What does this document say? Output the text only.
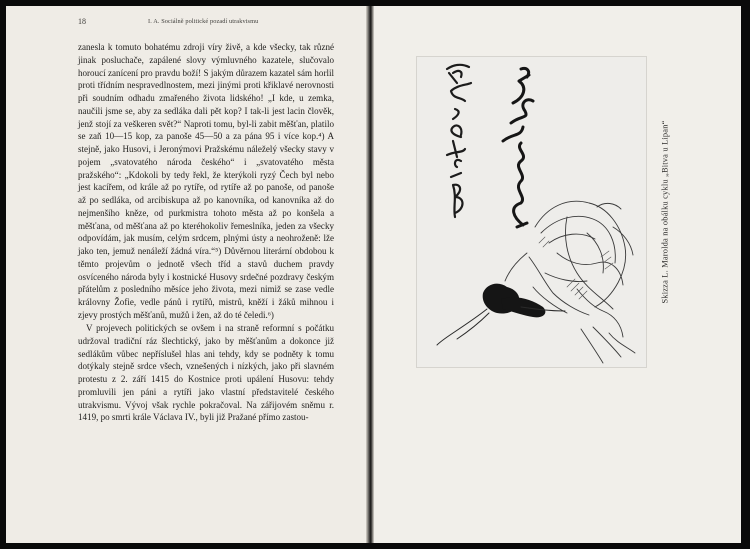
18	I. A. Sociálně politické pozadí utrakvismu

zanesla k tomuto bohatému zdroji víry živě, a kde všecky, tak různé jinak posluchače, zapálené slovy výmluvného kazatele, slučovalo horoucí zanícení pro pravdu boží! S jakým důrazem kazatel sám horlil proti třídním nespravedlnostem, mezi jinými proti křiklavé nerovnosti při soudním odhadu zmařeného života lidského! „I kde, u zemka, naučili jsme se, aby za sedláka dali pět kop? I tak-li jest lacin člověk, jenž stojí za veškeren svět?“ Naproti tomu, byl-li zabit měšťan, platilo se zaň 10—15 kop, za panoše 45—50 a za pána 95 i více kop.⁴) A stejně, jako Husovi, i Jeronýmovi Pražskému náleželý všecky stavy v pojem „svatovatého národa českého“ i „svatovatého města pražského“: „Kdokoli by tedy řekl, že kterýkoli ryzý Čech byl nebo jest kacířem, od krále až po rytíře, od rytíře až po panoše, od panoše až po sedláka, od arcibiskupa až po kanovníka, od kanovníka až do nejmenšího kněze, od purkmistra tohoto města až po konšela a měšťana, od měšťana až po kteréhokoliv řemeslníka, jeden za všecky odpovídám, jak musím, celým srdcem, plnými ústy a neohroženě: lže jako ten, jemuž nenáleží žádná víra.“⁵) Důvěrnou literární obdobou k těmto projevům o jednotě všech tříd a stavů duchem pravdy osvíceného národa byly i kostnické Husovy srdečné pozdravy českým přátelům z posledního měsíce jeho života, mezi nimiž se zase vedle královny Žofie, vedle pánů i rytířů, mistrů, kněží i žáků mihnou i zjevy prostých měšťanů, mužů i žen, až do té čeledi.⁶)

V projevech politických se ovšem i na straně reformní s počátku udržoval tradiční ráz šlechtický, jako by měšťanům a dokonce již sedlákům vůbec nepříslušel hlas ani tehdy, kdy se podněty k tomu dotýkaly stejně srdce všech, vznešených i nízkých, jako při slavném protestu z 2. září 1415 do Kostnice proti upálení Husovu: tehdy promluvili jen páni a rytíři jako vlastní představitelé českého utrakvismu. Vývoj však rychle pokračoval. Na zářijovém sněmu r. 1419, po smrti krále Václava IV., byli již Pražané přímo zastou-

Skizza L. Marolda na obálku cyklu „Bitva u Lipan“
